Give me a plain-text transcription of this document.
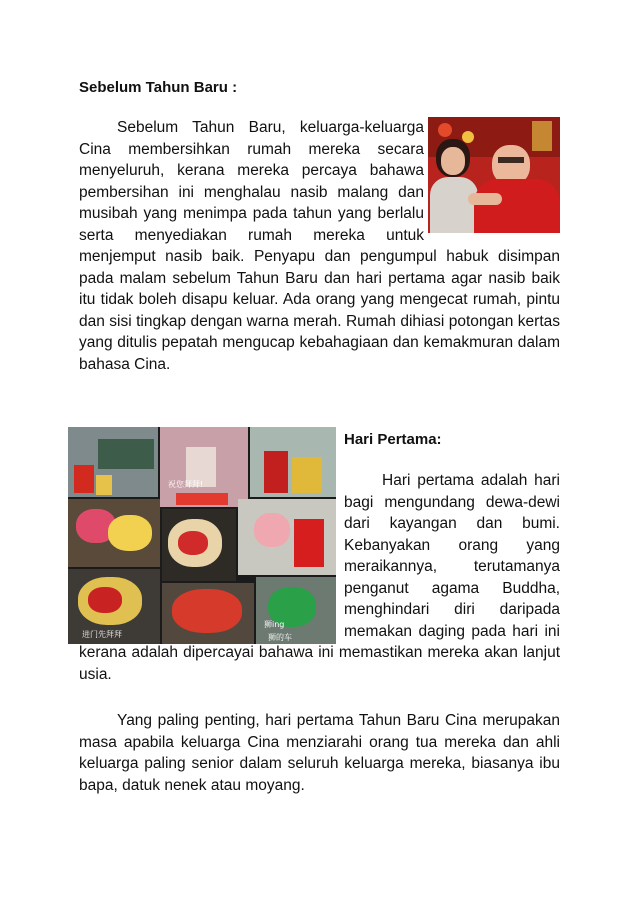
Sebelum Tahun Baru :

Sebelum Tahun Baru, keluarga-keluarga Cina membersihkan rumah mereka secara menyeluruh, kerana mereka percaya bahawa pembersihan ini menghalau nasib malang dan musibah yang menimpa pada tahun yang berlalu serta menyediakan rumah mereka untuk menjemput nasib baik. Penyapu dan pengumpul habuk disimpan pada malam sebelum Tahun Baru dan hari pertama agar nasib baik itu tidak boleh disapu keluar. Ada orang yang mengecat rumah, pintu dan sisi tingkap dengan warna merah. Rumah dihiasi potongan kertas yang ditulis pepatah mengucap kebahagiaan dan kemakmuran dalam bahasa Cina.

进门先拜拜
祝您拜拜!
狮ing
狮的车
Hari Pertama:

Hari pertama adalah hari bagi mengundang dewa-dewi dari kayangan dan bumi. Kebanyakan orang yang meraikannya, terutamanya penganut agama Buddha, menghindari diri daripada memakan daging pada hari ini kerana adalah dipercayai bahawa ini memastikan mereka akan lanjut usia.

Yang paling penting, hari pertama Tahun Baru Cina merupakan masa apabila keluarga Cina menziarahi orang tua mereka dan ahli keluarga paling senior dalam seluruh keluarga mereka, biasanya ibu bapa, datuk nenek atau moyang.
